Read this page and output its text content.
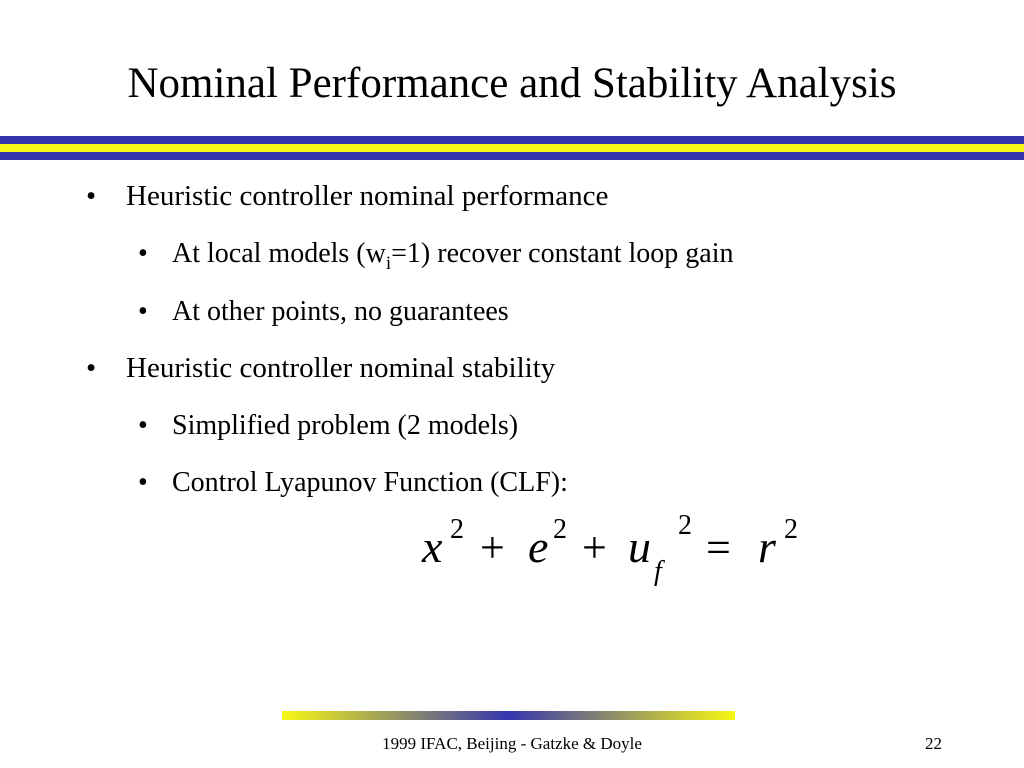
Nominal Performance and Stability Analysis
• Heuristic controller nominal performance
• At local models $(w_i=1)$ recover constant loop gain
• At other points, no guarantees
• Heuristic controller nominal stability
• Simplified problem (2 models)
• Control Lyapunov Function (CLF):
x 2 + e 2 + u f
2 = r 2
1999 IFAC, Beijing - Gatzke & Doyle	22
